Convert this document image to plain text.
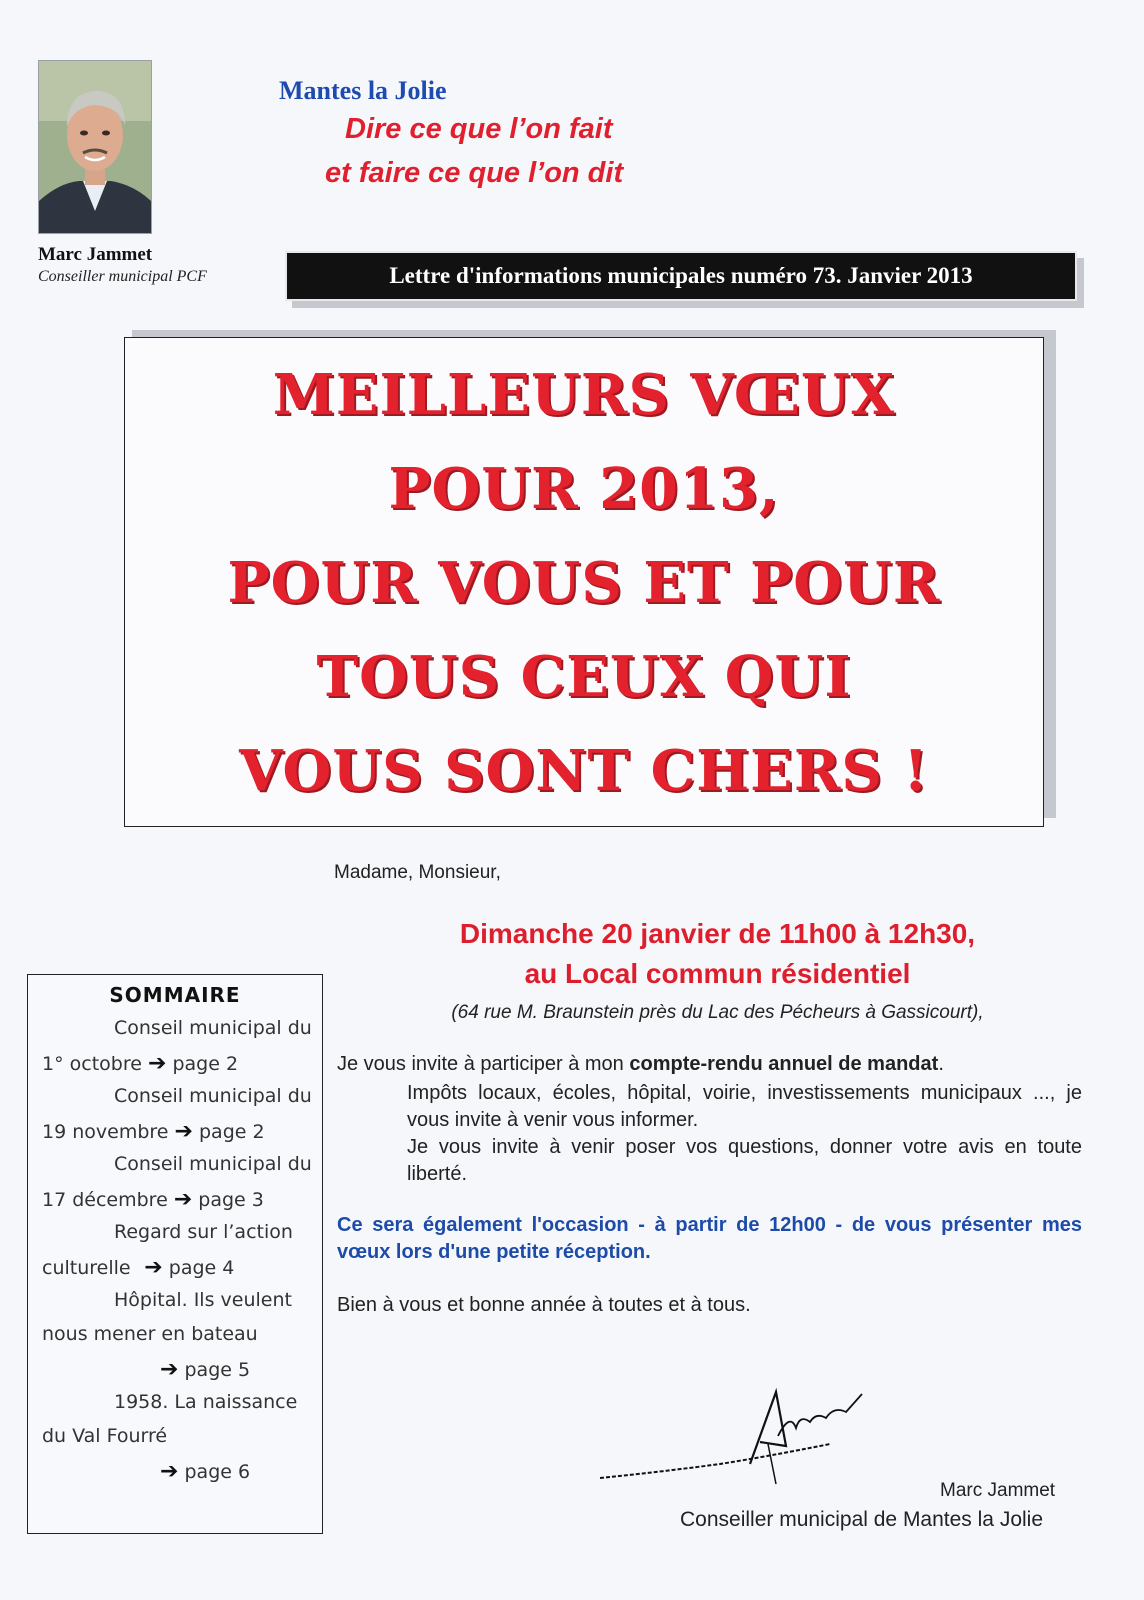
Marc Jammet
Conseiller municipal PCF
Mantes la Jolie
Dire ce que l’on fait
et faire ce que l’on dit
Lettre d'informations municipales numéro 73. Janvier 2013
MEILLEURS VŒUX
POUR 2013,
POUR VOUS ET POUR
TOUS CEUX QUI
VOUS SONT CHERS !
Madame, Monsieur,
Dimanche 20 janvier de 11h00 à 12h30,
au Local commun résidentiel
(64 rue M. Braunstein près du Lac des Pécheurs à Gassicourt),
Je vous invite à participer à mon compte-rendu annuel de mandat.
Impôts locaux, écoles, hôpital, voirie, investissements municipaux ..., je vous invite à venir vous informer.
Je vous invite à venir poser vos questions, donner votre avis en toute liberté.
Ce sera également l'occasion - à partir de 12h00 - de vous présenter mes vœux lors d'une petite réception.
Bien à vous et bonne année à toutes et à tous.
Marc Jammet
Conseiller municipal de Mantes la Jolie
SOMMAIRE
Conseil municipal du
1° octobre ➔ page 2
Conseil municipal du
19 novembre ➔ page 2
Conseil municipal du
17 décembre ➔ page 3
Regard sur l’action
culturelle  ➔ page 4
Hôpital. Ils veulent
nous mener en bateau
➔ page 5
1958. La naissance
du Val Fourré
➔ page 6
